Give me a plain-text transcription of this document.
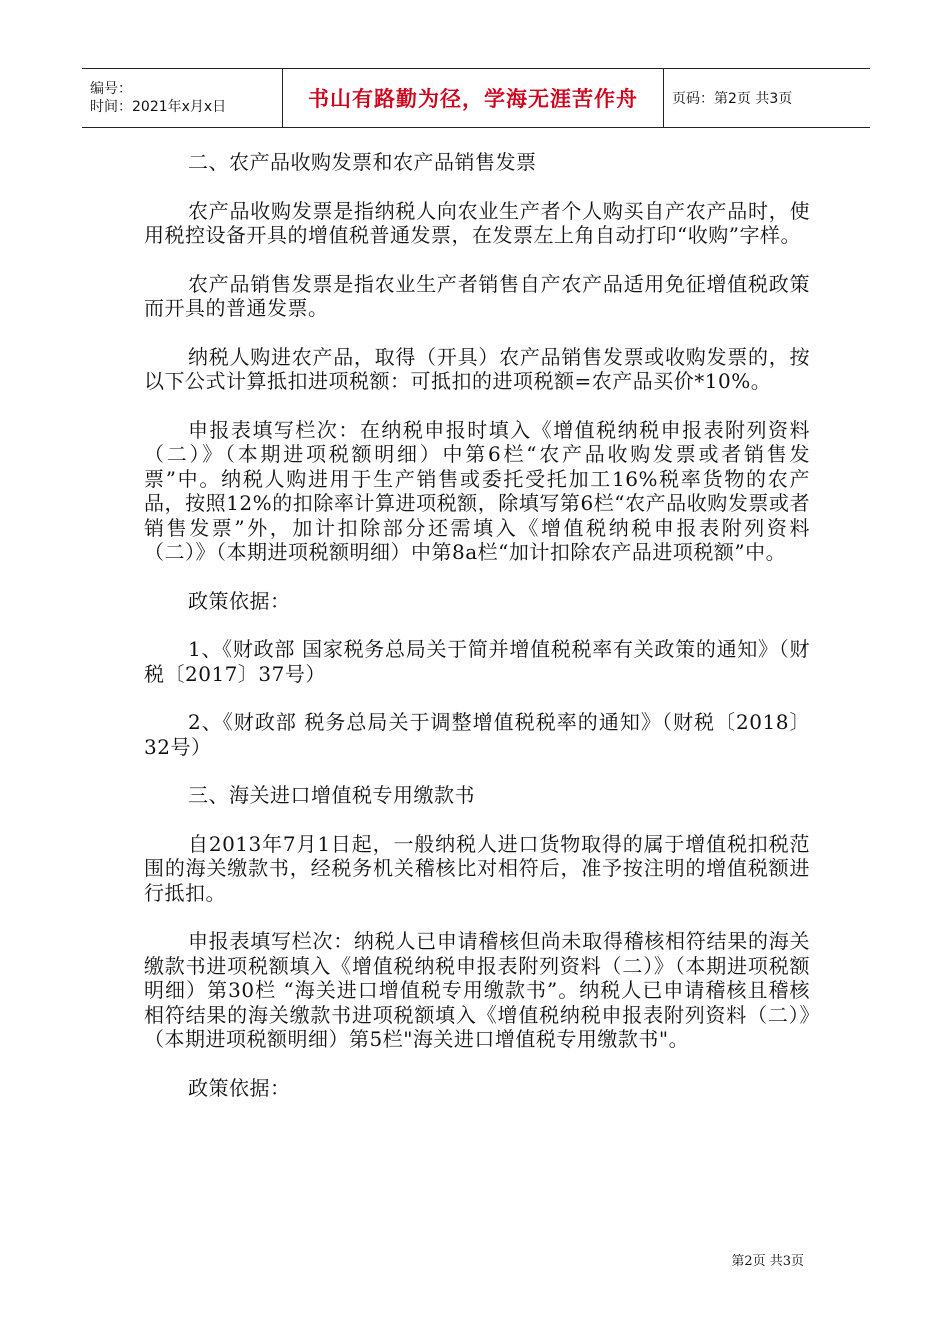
编号：
时间：2021年x月x日	书山有路勤为径，学海无涯苦作舟 页码：第2页 共3页

二、农产品收购发票和农产品销售发票

农产品收购发票是指纳税人向农业生产者个人购买自产农产品时，使用税控设备开具的增值税普通发票，在发票左上角自动打印“收购”字样。

农产品销售发票是指农业生产者销售自产农产品适用免征增值税政策而开具的普通发票。

纳税人购进农产品，取得（开具）农产品销售发票或收购发票的，按以下公式计算抵扣进项税额：可抵扣的进项税额=农产品买价*10%。

申报表填写栏次：在纳税申报时填入《增值税纳税申报表附列资料（二）》（本期进项税额明细）中第6栏“农产品收购发票或者销售发票”中。纳税人购进用于生产销售或委托受托加工16%税率货物的农产品，按照12%的扣除率计算进项税额，除填写第6栏“农产品收购发票或者销售发票”外，加计扣除部分还需填入《增值税纳税申报表附列资料（二）》（本期进项税额明细）中第8a栏“加计扣除农产品进项税额”中。

政策依据：

1、《财政部 国家税务总局关于简并增值税税率有关政策的通知》（财税〔2017〕37号）

2、《财政部 税务总局关于调整增值税税率的通知》（财税〔2018〕32号）

三、海关进口增值税专用缴款书

自2013年7月1日起，一般纳税人进口货物取得的属于增值税扣税范围的海关缴款书，经税务机关稽核比对相符后，准予按注明的增值税额进行抵扣。

申报表填写栏次：纳税人已申请稽核但尚未取得稽核相符结果的海关缴款书进项税额填入《增值税纳税申报表附列资料（二）》（本期进项税额明细）第30栏 “海关进口增值税专用缴款书”。纳税人已申请稽核且稽核相符结果的海关缴款书进项税额填入《增值税纳税申报表附列资料（二）》（本期进项税额明细）第5栏"海关进口增值税专用缴款书"。

政策依据：

第2页 共3页
